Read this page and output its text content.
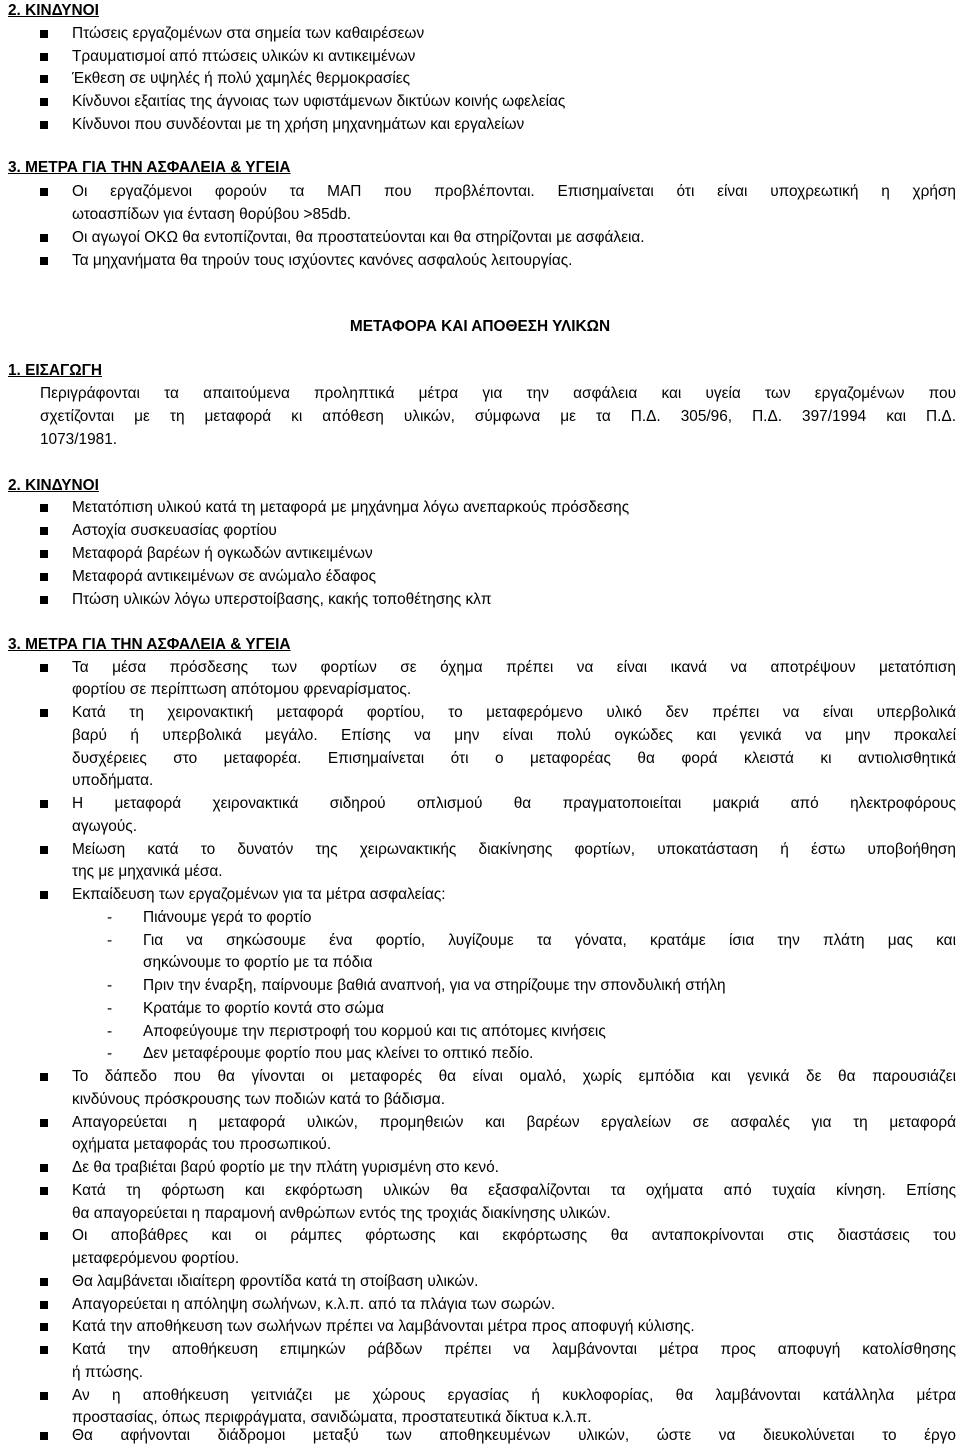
2. ΚΙΝΔΥΝΟΙ
Πτώσεις εργαζομένων στα σημεία των καθαιρέσεων
Τραυματισμοί από πτώσεις υλικών κι αντικειμένων
Έκθεση σε υψηλές ή πολύ χαμηλές θερμοκρασίες
Κίνδυνοι εξαιτίας της άγνοιας των υφιστάμενων δικτύων κοινής ωφελείας
Κίνδυνοι που συνδέονται με τη χρήση μηχανημάτων και εργαλείων
3. ΜΕΤΡΑ ΓΙΑ ΤΗΝ ΑΣΦΑΛΕΙΑ & ΥΓΕΙΑ
Οι εργαζόμενοι φορούν τα ΜΑΠ που προβλέπονται. Επισημαίνεται ότι είναι υποχρεωτική η χρήση
ωτοασπίδων για ένταση θορύβου >85db.
Οι αγωγοί ΟΚΩ θα εντοπίζονται, θα προστατεύονται και θα στηρίζονται με ασφάλεια.
Τα μηχανήματα θα τηρούν τους ισχύοντες κανόνες ασφαλούς λειτουργίας.
ΜΕΤΑΦΟΡΑ ΚΑΙ ΑΠΟΘΕΣΗ ΥΛΙΚΩΝ
1. ΕΙΣΑΓΩΓΗ
Περιγράφονται τα απαιτούμενα προληπτικά μέτρα για την ασφάλεια και υγεία των εργαζομένων που
σχετίζονται με τη μεταφορά κι απόθεση υλικών, σύμφωνα με τα Π.Δ. 305/96, Π.Δ. 397/1994 και Π.Δ.
1073/1981.
2. ΚΙΝΔΥΝΟΙ
Μετατόπιση υλικού κατά τη μεταφορά με μηχάνημα λόγω ανεπαρκούς πρόσδεσης
Αστοχία συσκευασίας φορτίου
Μεταφορά βαρέων ή ογκωδών αντικειμένων
Μεταφορά αντικειμένων σε ανώμαλο έδαφος
Πτώση υλικών λόγω υπερστοίβασης, κακής τοποθέτησης κλπ
3. ΜΕΤΡΑ ΓΙΑ ΤΗΝ ΑΣΦΑΛΕΙΑ & ΥΓΕΙΑ
Τα μέσα πρόσδεσης των φορτίων σε όχημα πρέπει να είναι ικανά να αποτρέψουν μετατόπιση
φορτίου σε περίπτωση απότομου φρεναρίσματος.
Κατά τη χειρονακτική μεταφορά φορτίου, το μεταφερόμενο υλικό δεν πρέπει να είναι υπερβολικά
βαρύ ή υπερβολικά μεγάλο. Επίσης να μην είναι πολύ ογκώδες και γενικά να μην προκαλεί
δυσχέρειες στο μεταφορέα. Επισημαίνεται ότι ο μεταφορέας θα φορά κλειστά κι αντιολισθητικά
υποδήματα.
Η μεταφορά χειρονακτικά σιδηρού οπλισμού θα πραγματοποιείται μακριά από ηλεκτροφόρους
αγωγούς.
Μείωση κατά το δυνατόν της χειρωνακτικής διακίνησης φορτίων, υποκατάσταση ή έστω υποβοήθηση
της με μηχανικά μέσα.
Εκπαίδευση των εργαζομένων για τα μέτρα ασφαλείας:
- Πιάνουμε γερά το φορτίο
- Για να σηκώσουμε ένα φορτίο, λυγίζουμε τα γόνατα, κρατάμε ίσια την πλάτη μας και
σηκώνουμε το φορτίο με τα πόδια
- Πριν την έναρξη, παίρνουμε βαθιά αναπνοή, για να στηρίζουμε την σπονδυλική στήλη
- Κρατάμε το φορτίο κοντά στο σώμα
- Αποφεύγουμε την περιστροφή του κορμού και τις απότομες κινήσεις
- Δεν μεταφέρουμε φορτίο που μας κλείνει το οπτικό πεδίο.
Το δάπεδο που θα γίνονται οι μεταφορές θα είναι ομαλό, χωρίς εμπόδια και γενικά δε θα παρουσιάζει
κινδύνους πρόσκρουσης των ποδιών κατά το βάδισμα.
Απαγορεύεται η μεταφορά υλικών, προμηθειών και βαρέων εργαλείων σε ασφαλές για τη μεταφορά
οχήματα μεταφοράς του προσωπικού.
Δε θα τραβιέται βαρύ φορτίο με την πλάτη γυρισμένη στο κενό.
Κατά τη φόρτωση και εκφόρτωση υλικών θα εξασφαλίζονται τα οχήματα από τυχαία κίνηση. Επίσης
θα απαγορεύεται η παραμονή ανθρώπων εντός της τροχιάς διακίνησης υλικών.
Οι αποβάθρες και οι ράμπες φόρτωσης και εκφόρτωσης θα ανταποκρίνονται στις διαστάσεις του
μεταφερόμενου φορτίου.
Θα λαμβάνεται ιδιαίτερη φροντίδα κατά τη στοίβαση υλικών.
Απαγορεύεται η απόληψη σωλήνων, κ.λ.π. από τα πλάγια των σωρών.
Κατά την αποθήκευση των σωλήνων πρέπει να λαμβάνονται μέτρα προς αποφυγή κύλισης.
Κατά την αποθήκευση επιμηκών ράβδων πρέπει να λαμβάνονται μέτρα προς αποφυγή κατολίσθησης
ή πτώσης.
Αν η αποθήκευση γειτνιάζει με χώρους εργασίας ή κυκλοφορίας, θα λαμβάνονται κατάλληλα μέτρα
προστασίας, όπως περιφράγματα, σανιδώματα, προστατευτικά δίκτυα κ.λ.π.
Θα αφήνονται διάδρομοι μεταξύ των αποθηκευμένων υλικών, ώστε να διευκολύνεται το έργο
